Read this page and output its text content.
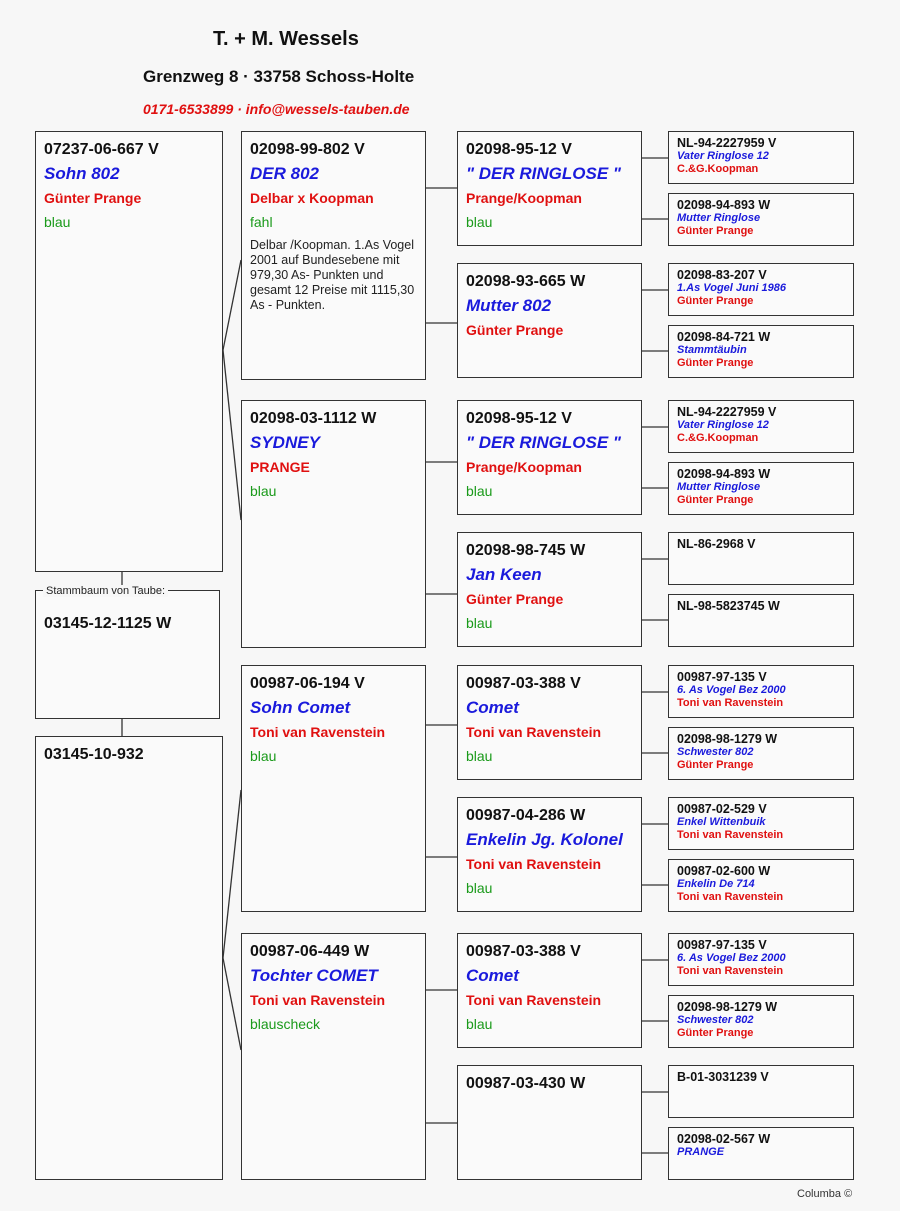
T. + M. Wessels
Grenzweg 8 · 33758 Schoss-Holte
0171-6533899 · info@wessels-tauben.de
03145-12-1125 W
Stammbaum von Taube:
07237-06-667 V
Sohn 802
Günter Prange
blau
03145-10-932
02098-99-802 V
DER 802
Delbar x Koopman
fahl
Delbar /Koopman. 1.As Vogel 2001 auf Bundesebene mit 979,30 As- Punkten und gesamt 12 Preise mit 1115,30 As - Punkten.
02098-03-1112 W
SYDNEY
PRANGE
blau
00987-06-194 V
Sohn Comet
Toni van Ravenstein
blau
00987-06-449 W
Tochter COMET
Toni van Ravenstein
blauscheck
02098-95-12 V
" DER RINGLOSE "
Prange/Koopman
blau
02098-93-665 W
Mutter 802
Günter Prange
02098-95-12 V
" DER RINGLOSE "
Prange/Koopman
blau
02098-98-745 W
Jan Keen
Günter Prange
blau
00987-03-388 V
Comet
Toni van Ravenstein
blau
00987-04-286 W
Enkelin Jg. Kolonel
Toni van Ravenstein
blau
00987-03-388 V
Comet
Toni van Ravenstein
blau
00987-03-430 W
NL-94-2227959 V
Vater Ringlose 12
C.&G.Koopman
02098-94-893 W
Mutter Ringlose
Günter Prange
02098-83-207 V
1.As Vogel Juni 1986
Günter Prange
02098-84-721 W
Stammtäubin
Günter Prange
NL-94-2227959 V
Vater Ringlose 12
C.&G.Koopman
02098-94-893 W
Mutter Ringlose
Günter Prange
NL-86-2968 V
NL-98-5823745 W
00987-97-135 V
6. As Vogel Bez 2000
Toni van Ravenstein
02098-98-1279 W
Schwester 802
Günter Prange
00987-02-529 V
Enkel Wittenbuik
Toni van Ravenstein
00987-02-600 W
Enkelin De 714
Toni van Ravenstein
00987-97-135 V
6. As Vogel Bez 2000
Toni van Ravenstein
02098-98-1279 W
Schwester 802
Günter Prange
B-01-3031239 V
02098-02-567 W
PRANGE
Columba ©
